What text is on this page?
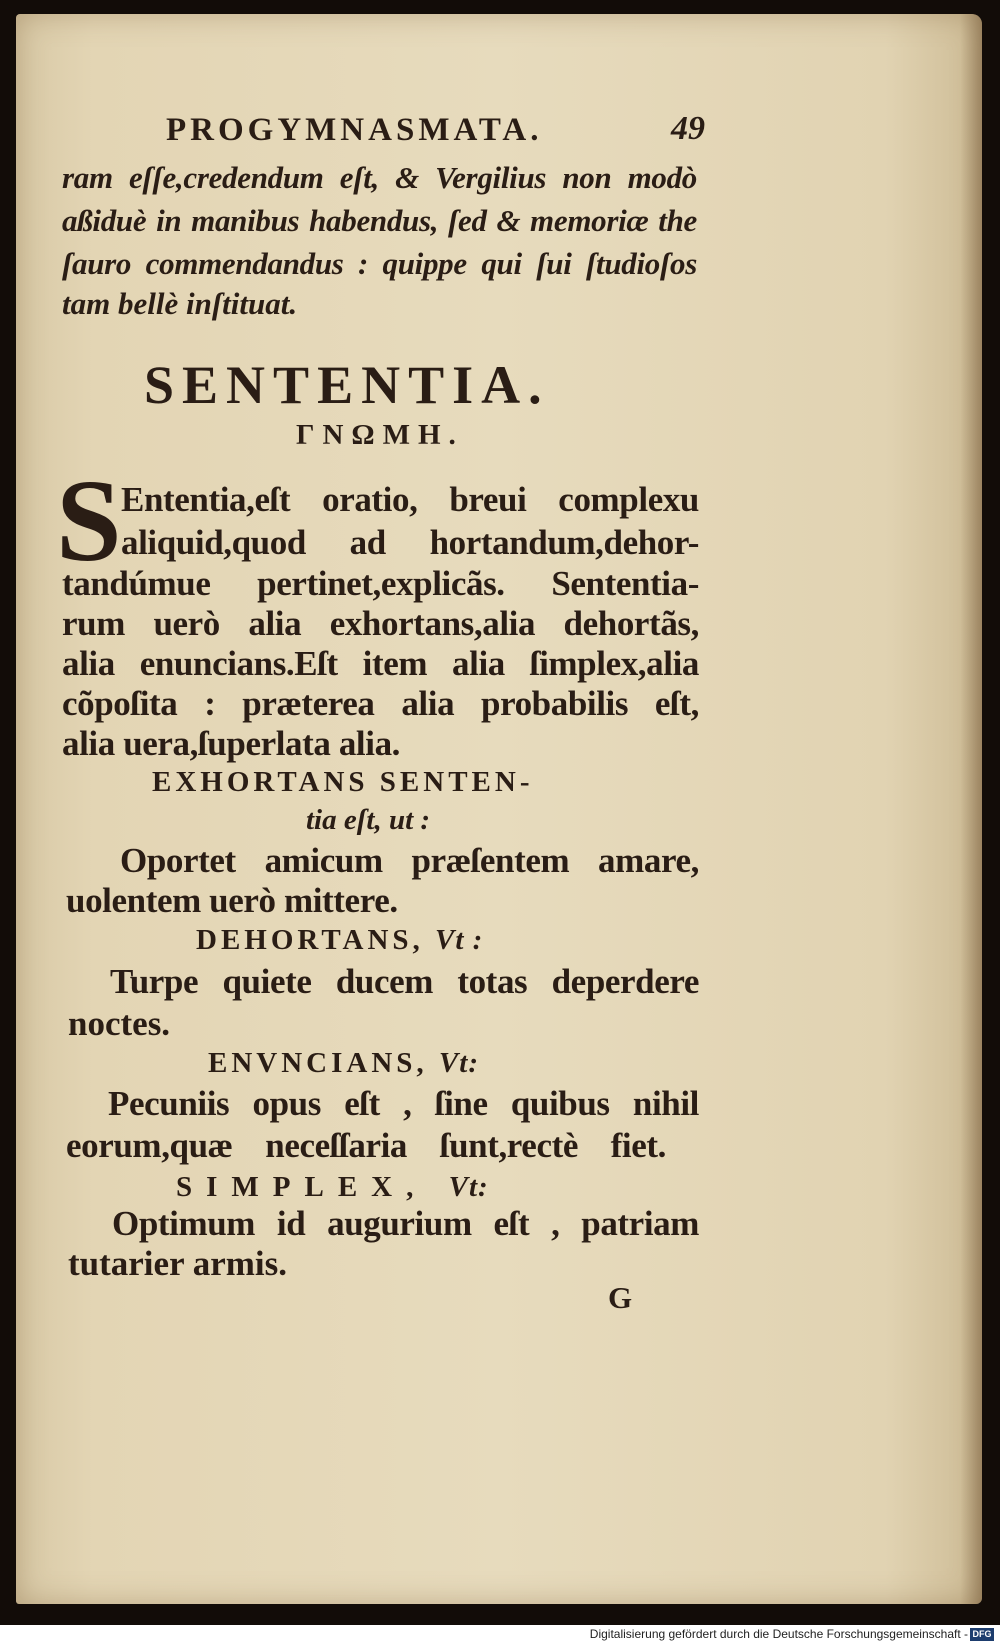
PROGYMNASMATA.	49
ram eſſe,credendum eſt, & Vergilius non modò
aßiduè in manibus habendus, ſed & memoriæ the
ſauro commendandus : quippe qui ſui ſtudioſos
tam bellè inſtituat.
SENTENTIA.
ΓΝΩΜΗ.
S Ententia,eſt oratio, breui complexu
aliquid,quod ad hortandum,dehor-
tandúmue pertinet,explicãs. Sententia-
rum uerò alia exhortans,alia dehortãs,
alia enuncians.Eſt item alia ſimplex,alia
cõpoſita : præterea alia probabilis eſt,
alia uera,ſuperlata alia.
EXHORTANS SENTEN-
tia eſt, ut :
Oportet amicum præſentem amare,
uolentem uerò mittere.
DEHORTANS, Vt :
Turpe quiete ducem totas deperdere
noctes.
ENVNCIANS, Vt:
Pecuniis opus eſt , ſine quibus nihil
eorum,quæ neceſſaria ſunt,rectè fiet.
SIMPLEX, Vt:
Optimum id augurium eſt , patriam
tutarier armis.
G
Digitalisierung gefördert durch die Deutsche Forschungsgemeinschaft - DFG
